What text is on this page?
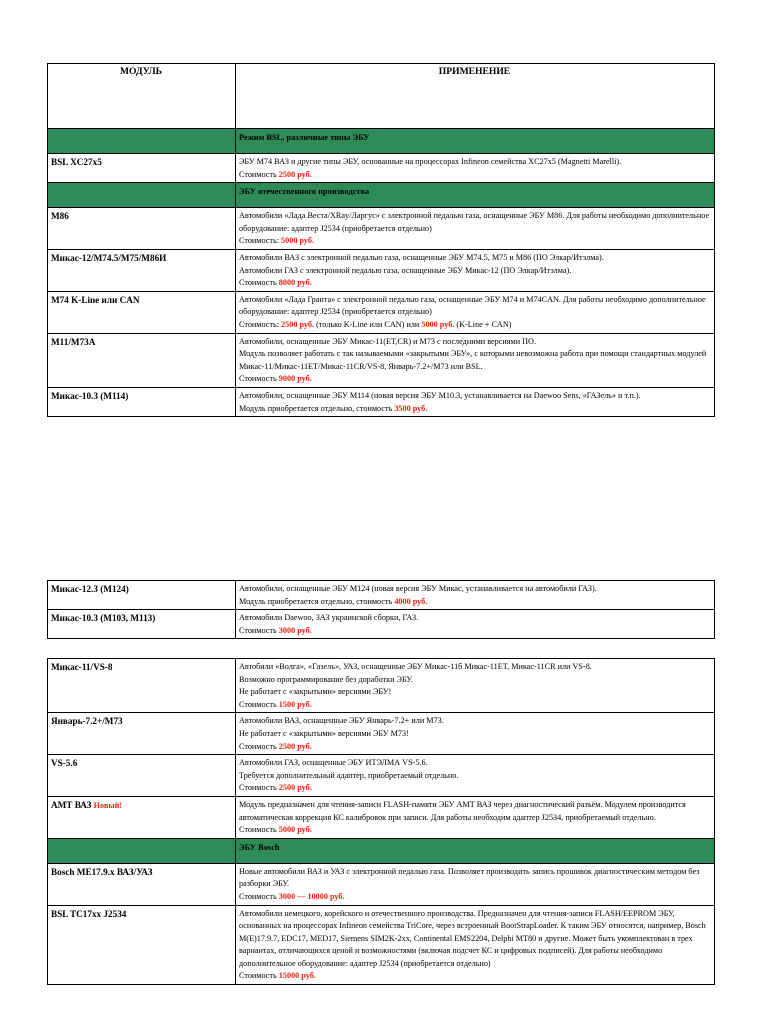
МОДУЛЬ	ПРИМЕНЕНИЕ
	Режим BSL, различные типы ЭБУ
BSL XC27x5	ЭБУ M74 ВАЗ и другие типы ЭБУ, основанные на процессорах Infineon семейства XC27x5 (Magnetti Marelli).
Стоимость 2500 руб.

	ЭБУ отечественного производства
M86	Автомобили «Лада Веста/XRay/Ларгус» с электронной педалью газа, оснащенные ЭБУ M86. Для работы необходимо дополнительное оборудование: адаптер J2534 (приобретается отдельно)
Стоимость: 5000 руб.

Микас-12/M74.5/M75/M86И	Автомобили ВАЗ с электронной педалью газа, оснащенные ЭБУ M74.5, M75 и M86 (ПО Элкар/Итэлма).
Автомобили ГАЗ с электронной педалью газа, оснащенные ЭБУ Микас-12 (ПО Элкар/Итэлма).
Стоимость 8000 руб.

M74 K-Line или CAN	Автомобили «Лада Гранта» с электронной педалью газа, оснащенные ЭБУ M74 и M74CAN. Для работы необходимо дополнительное оборудование: адаптер J2534 (приобретается отдельно)
Стоимость: 2500 руб. (только K-Line или CAN) или 5000 руб. (K-Line + CAN)

M11/M73A	Автомобили, оснащенные ЭБУ Микас-11(ET,CR) и M73 с последними версиями ПО.
Модуль позволяет работать с так называемыми «закрытыми ЭБУ», с которыми невозможна работа при помощи стандартных модулей Микас-11/Микас-11ET/Микас-11CR/VS-8, Январь-7.2+/M73 или BSL.
Стоимость 9000 руб.

Микас-10.3 (M114)	Автомобили, оснащенные ЭБУ M114 (новая версия ЭБУ M10.3, устанавливается на Daewoo Sens, «ГАЗель» и т.п.).
Модуль приобретается отдельно, стоимость 3500 руб.
Микас-12.3 (M124)	Автомобили, оснащенные ЭБУ M124 (новая версия ЭБУ Микас, устанавливается на автомобили ГАЗ).
Модуль приобретается отдельно, стоимость 4000 руб.

Микас-10.3 (M103, M113)	Автомобили Daewoo, ЗАЗ украинской сборки, ГАЗ.
Стоимость 3000 руб.
Микас-11/VS-8	Автобили «Волга», «Газель», УАЗ, оснащенные ЭБУ Микас-11б Микас-11ET, Микас-11CR или VS-8.
Возможно программирование без доработки ЭБУ.
Не работает с «закрытыми» версиями ЭБУ!
Стоимость 1500 руб.

Январь-7.2+/M73	Автомобили ВАЗ, оснащенные ЭБУ Январь-7.2+ или M73.
Не работает с «закрытыми» версиями ЭБУ M73!
Стоимость 2500 руб.

VS-5.6	Автомобили ГАЗ, оснащенные ЭБУ ИТЭЛМА VS-5.6.
Требуется дополнительный адаптер, приобретаемый отдельно.
Стоимость 2500 руб.

АМТ ВАЗ Новый!	Модуль предназначен для чтения-записи FLASH-памяти ЭБУ АМТ ВАЗ через диагностический разъём. Модулем производится автоматическая коррекция КС калибровок при записи. Для работы необходим адаптер J2534, приобретаемый отдельно.
Стоимость 5000 руб.

	ЭБУ Bosch
Bosch ME17.9.x ВАЗ/УАЗ	Новые автомобили ВАЗ и УАЗ с электронной педалью газа. Позволяет производить запись прошивок диагностическим методом без разборки ЭБУ.
Стоимость 3000 — 10000 руб.

BSL TC17xx J2534	Автомобили немецкого, корейского и отечественного производства. Предназначен для чтения-записи FLASH/EEPROM ЭБУ, основанных на процессорах Infineon семейства TriCore, через встроенный BootStrapLoader. К таким ЭБУ относятся, например, Bosch M(E)17.9.7, EDC17, MED17, Siemens SIM2K-2xx, Continental EMS2204, Delphi MT80 и другие. Может быть укомплектован в трех вариантах, отличающихся ценой и возможностями (включая подсчет КС и цифровых подписей). Для работы необходимо дополнительное оборудование: адаптер J2534 (приобретается отдельно)
Стоимость 15000 руб.
